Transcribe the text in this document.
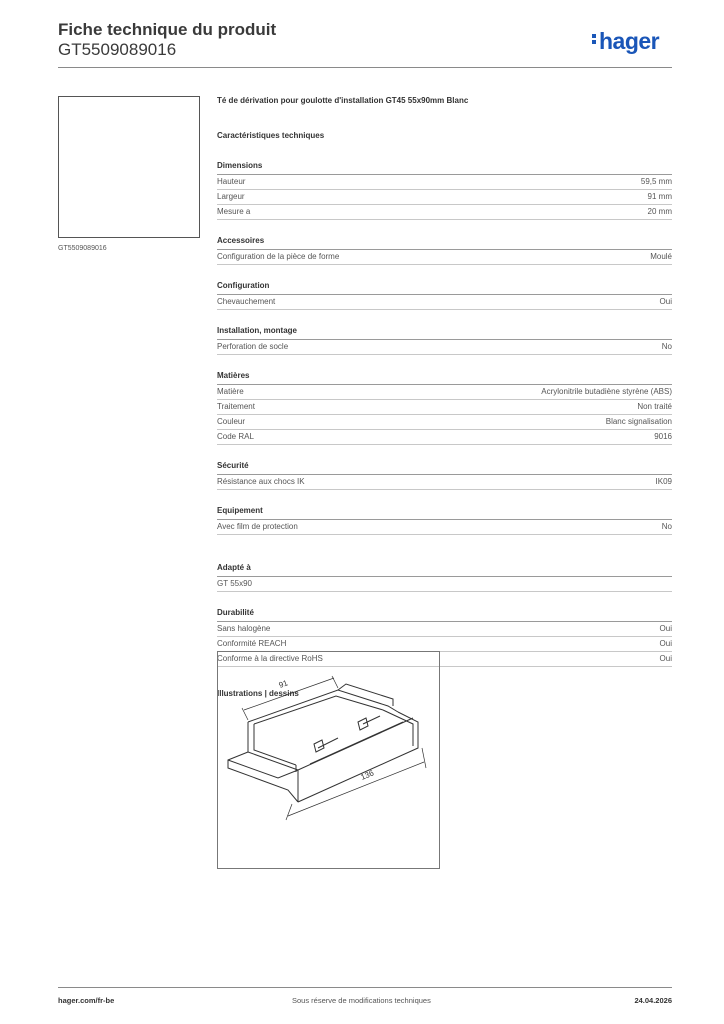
Fiche technique du produit
GT5509089016	hager
GT5509089016
Té de dérivation pour goulotte d'installation GT45 55x90mm Blanc
Caractéristiques techniques
Dimensions
Hauteur	59,5 mm
Largeur	91 mm
Mesure a	20 mm
Accessoires
Configuration de la pièce de forme	Moulé
Configuration
Chevauchement	Oui
Installation, montage
Perforation de socle	No
Matières
Matière	Acrylonitrile butadiène styrène (ABS)
Traitement	Non traité
Couleur	Blanc signalisation
Code RAL	9016
Sécurité
Résistance aux chocs IK	IK09
Equipement
Avec film de protection	No
Adapté à
GT 55x90
Durabilité
Sans halogène	Oui
Conformité REACH	Oui
Conforme à la directive RoHS	Oui
Illustrations | dessins
91
136
hager.com/fr-be	Sous réserve de modifications techniques	24.04.2026
